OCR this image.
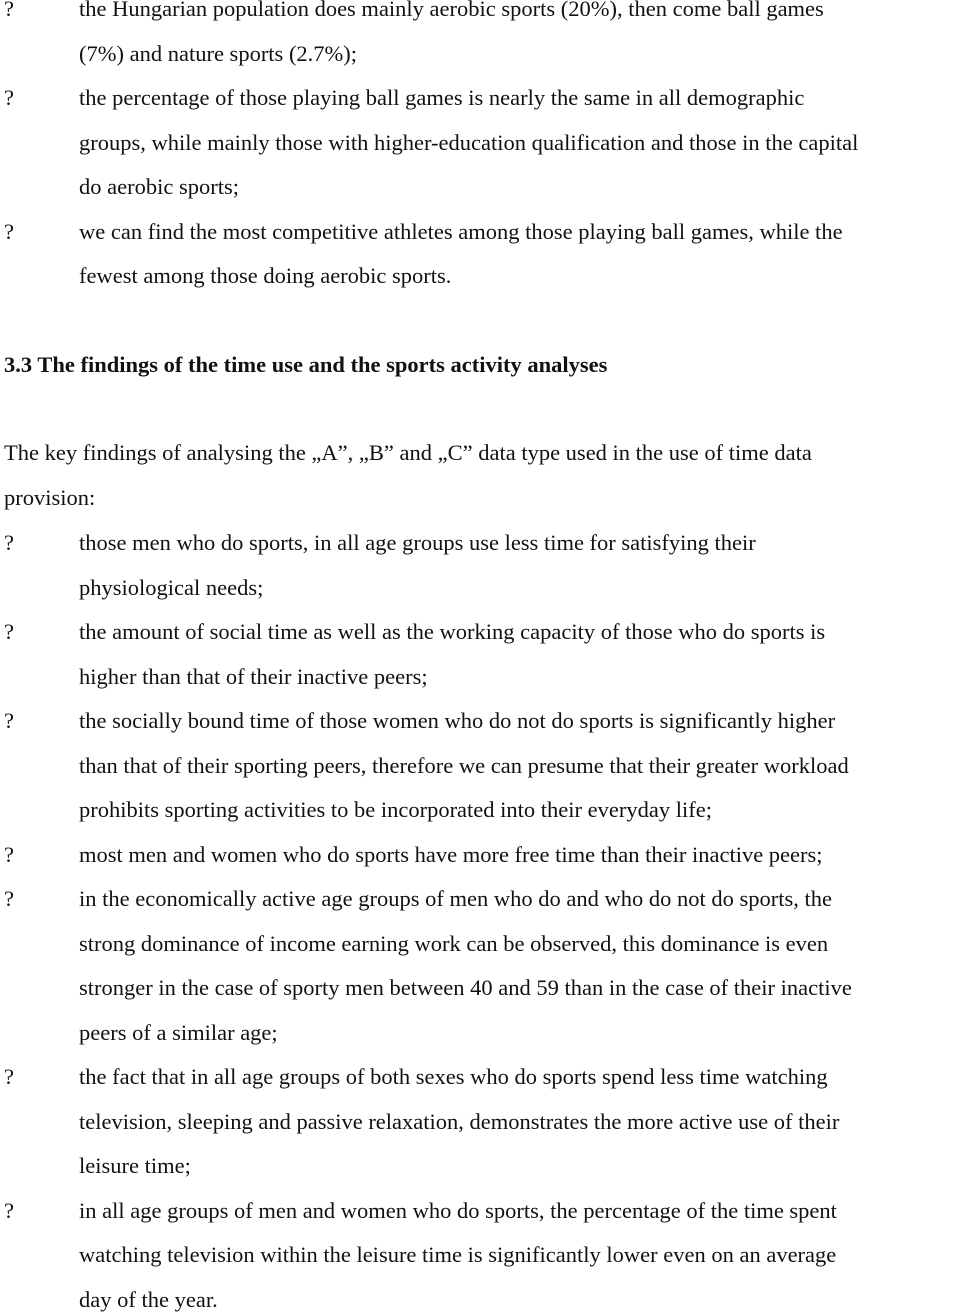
?	the Hungarian population does mainly aerobic sports (20%), then come ball games
(7%) and nature sports (2.7%);
?	the percentage of those playing ball games is nearly the same in all demographic
groups, while mainly those with higher-education qualification and those in the capital
do aerobic sports;
?	we can find the most competitive athletes among those playing ball games, while the
fewest among those doing aerobic sports.
3.3 The findings of the time use and the sports activity analyses
The key findings of analysing the „A”, „B” and „C” data type used in the use of time data
provision:
?	those men who do sports, in all age groups use less time for satisfying their
physiological needs;
?	the amount of social time as well as the working capacity of those who do sports is
higher than that of their inactive peers;
?	the socially bound time of those women who do not do sports is significantly higher
than that of their sporting peers, therefore we can presume that their greater workload
prohibits sporting activities to be incorporated into their everyday life;
?	most men and women who do sports have more free time than their inactive peers;
?	in the economically active age groups of men who do and who do not do sports, the
strong dominance of income earning work can be observed, this dominance is even
stronger in the case of sporty men between 40 and 59 than in the case of their inactive
peers of a similar age;
?	the fact that in all age groups of both sexes who do sports spend less time watching
television, sleeping and passive relaxation, demonstrates the more active use of their
leisure time;
?	in all age groups of men and women who do sports, the percentage of the time spent
watching television within the leisure time is significantly lower even on an average
day of the year.
